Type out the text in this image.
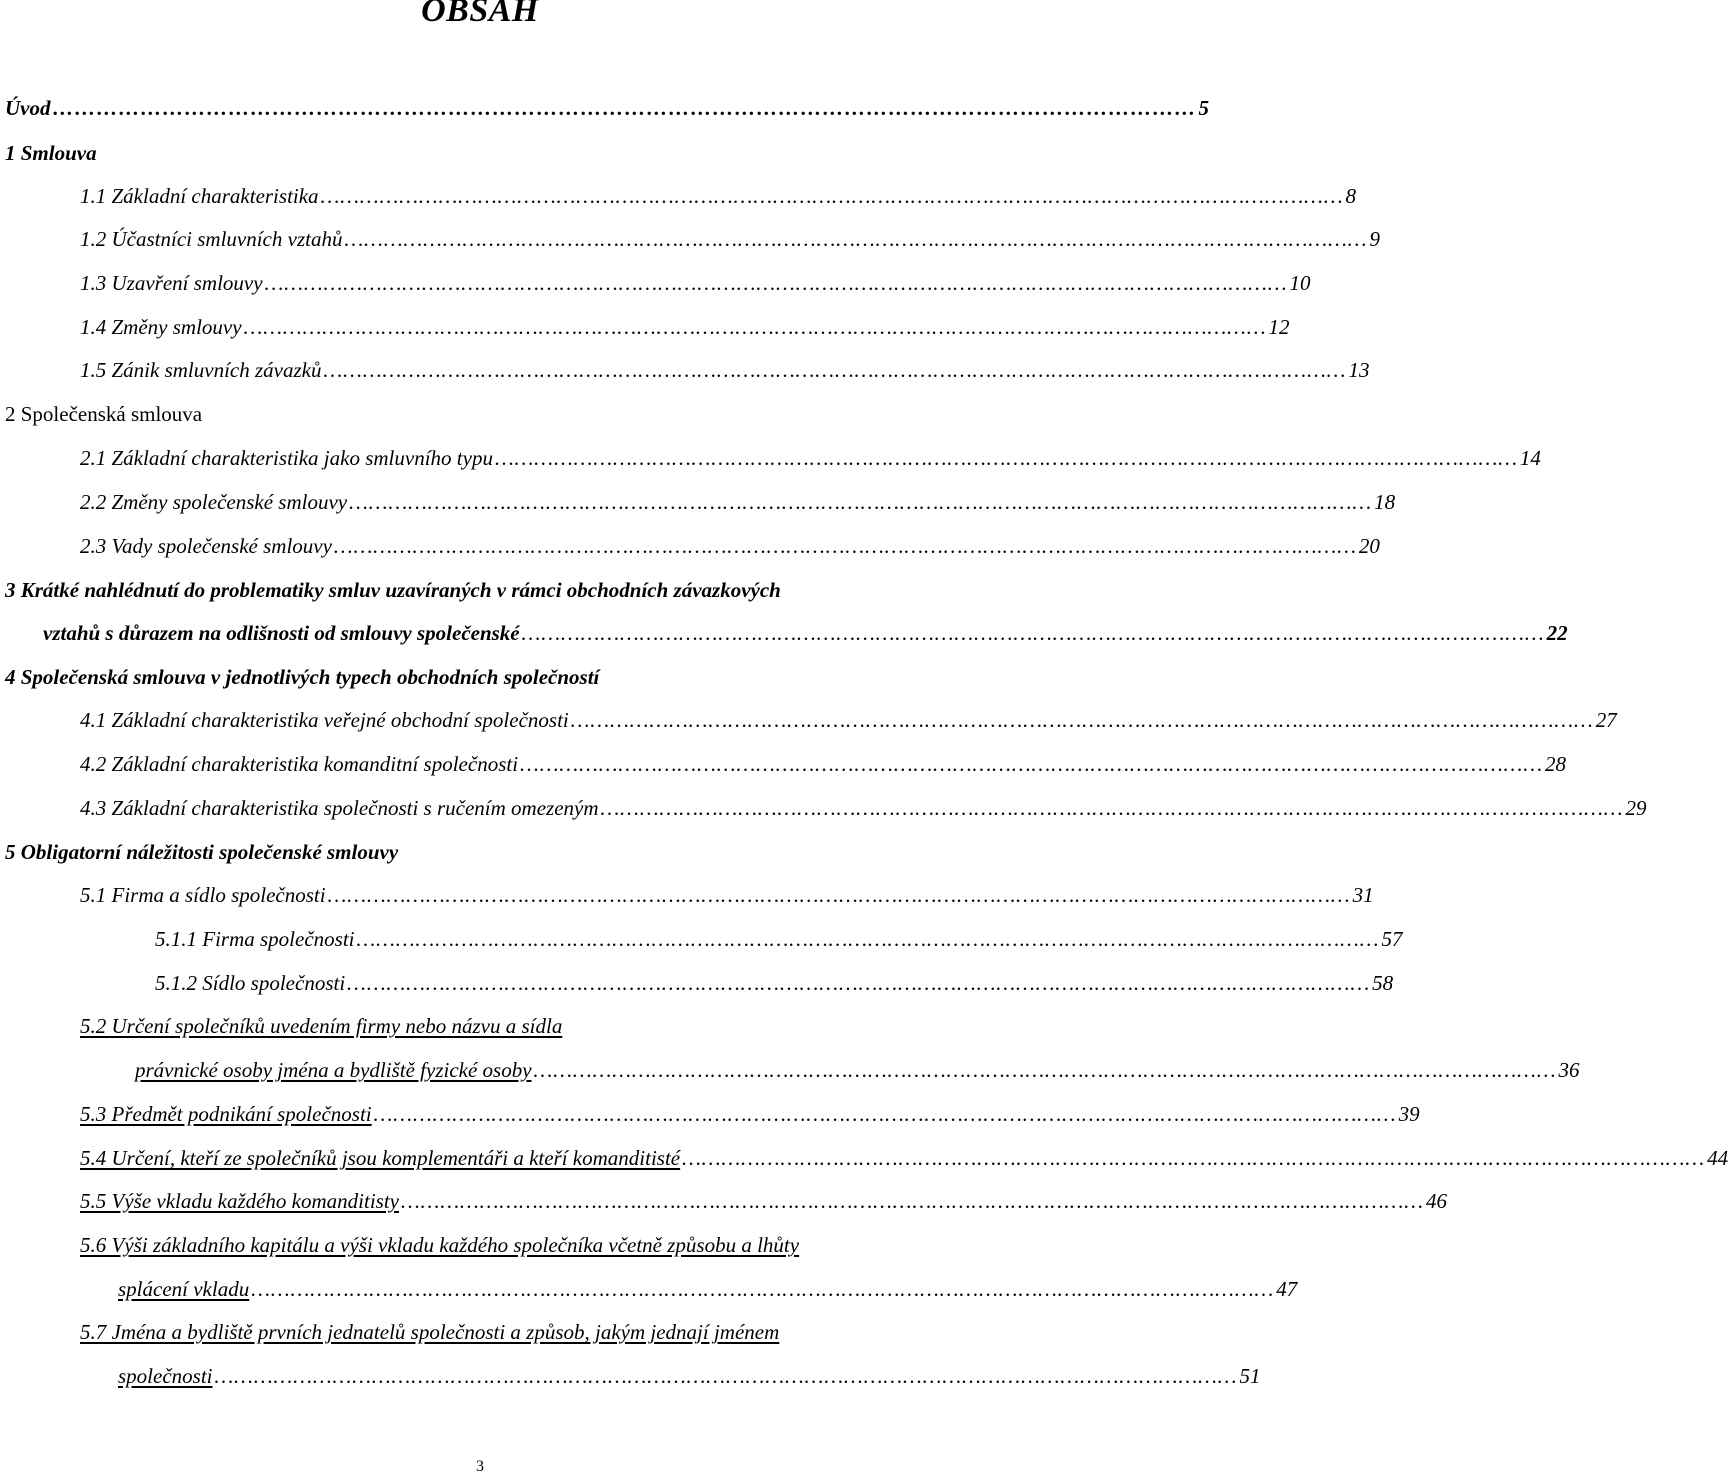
OBSAH
Úvod ………………………………………………………………………………………………………………………………………… 5
1 Smlouva
1.1 Základní charakteristika ………………………………………………………………………………………………………………………………………… 8
1.2 Účastníci smluvních vztahů ………………………………………………………………………………………………………………………………………… 9
1.3 Uzavření smlouvy ………………………………………………………………………………………………………………………………………… 10
1.4 Změny smlouvy ………………………………………………………………………………………………………………………………………… 12
1.5 Zánik smluvních závazků ………………………………………………………………………………………………………………………………………… 13
2 Společenská smlouva
2.1 Základní charakteristika jako smluvního typu ………………………………………………………………………………………………………………………………………… 14
2.2 Změny společenské smlouvy ………………………………………………………………………………………………………………………………………… 18
2.3 Vady společenské smlouvy ………………………………………………………………………………………………………………………………………… 20
3 Krátké nahlédnutí do problematiky smluv uzavíraných v rámci obchodních závazkových
vztahů s důrazem na odlišnosti od smlouvy společenské ………………………………………………………………………………………………………………………………………… 22
4 Společenská smlouva v jednotlivých typech obchodních společností
4.1 Základní charakteristika veřejné obchodní společnosti ………………………………………………………………………………………………………………………………………… 27
4.2 Základní charakteristika komanditní společnosti ………………………………………………………………………………………………………………………………………… 28
4.3 Základní charakteristika společnosti s ručením omezeným ………………………………………………………………………………………………………………………………………… 29
5 Obligatorní náležitosti společenské smlouvy
5.1 Firma a sídlo společnosti ………………………………………………………………………………………………………………………………………… 31
5.1.1 Firma společnosti ………………………………………………………………………………………………………………………………………… 57
5.1.2 Sídlo společnosti ………………………………………………………………………………………………………………………………………… 58
5.2 Určení společníků uvedením firmy nebo názvu a sídla
právnické osoby jména a bydliště fyzické osoby ………………………………………………………………………………………………………………………………………… 36
5.3 Předmět podnikání společnosti ………………………………………………………………………………………………………………………………………… 39
5.4 Určení, kteří ze společníků jsou komplementáři a kteří komanditisté ………………………………………………………………………………………………………………………………………… 44
5.5 Výše vkladu každého komanditisty ………………………………………………………………………………………………………………………………………… 46
5.6 Výši základního kapitálu a výši vkladu každého společníka včetně způsobu a lhůty
splácení vkladu ………………………………………………………………………………………………………………………………………… 47
5.7 Jména a bydliště prvních jednatelů společnosti a způsob, jakým jednají jménem
společnosti ………………………………………………………………………………………………………………………………………… 51
3
